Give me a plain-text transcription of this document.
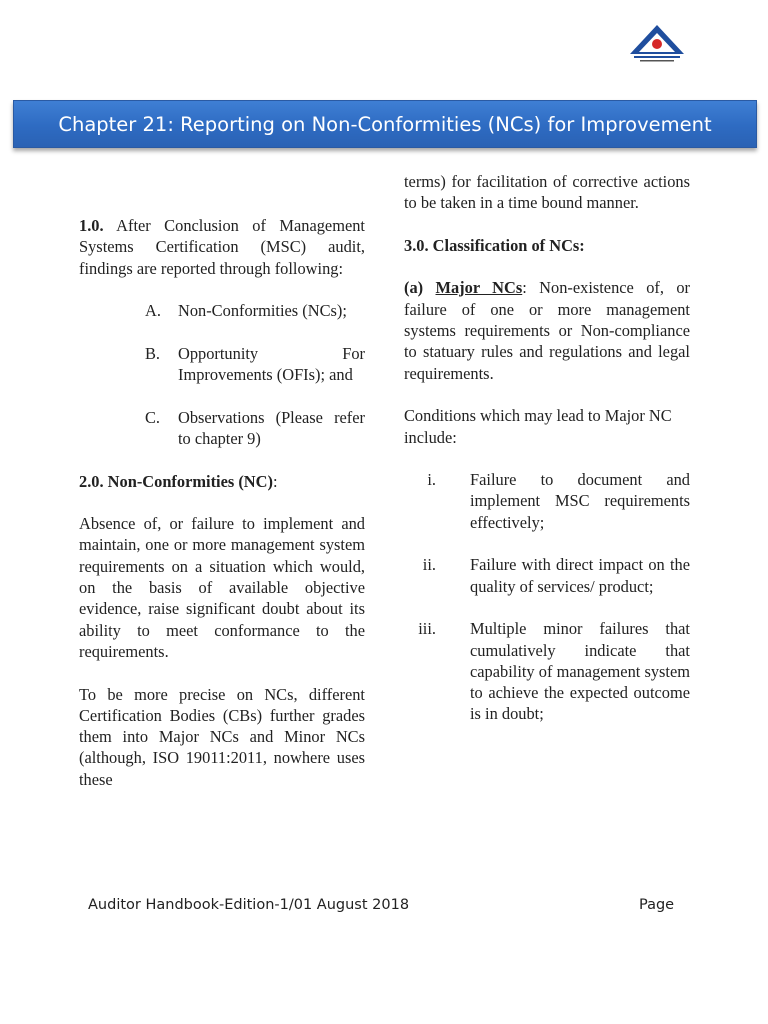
Chapter 21: Reporting on Non-Conformities (NCs) for Improvement

1.0. After Conclusion of Management Systems Certification (MSC) audit, findings are reported through following:

A. Non-Conformities (NCs);
B. Opportunity For Improvements (OFIs); and
C. Observations (Please refer to chapter 9)

2.0. Non-Conformities (NC):

Absence of, or failure to implement and maintain, one or more management system requirements on a situation which would, on the basis of available objective evidence, raise significant doubt about its ability to meet conformance to the requirements.

To be more precise on NCs, different Certification Bodies (CBs) further grades them into Major NCs and Minor NCs (although, ISO 19011:2011, nowhere uses these

terms) for facilitation of corrective actions to be taken in a time bound manner.

3.0. Classification of NCs:

(a) Major NCs: Non-existence of, or failure of one or more management systems requirements or Non-compliance to statuary rules and regulations and legal requirements.

Conditions which may lead to Major NC include:

i. Failure to document and implement MSC requirements effectively;
ii. Failure with direct impact on the quality of services/ product;
iii. Multiple minor failures that cumulatively indicate that capability of management system to achieve the expected outcome is in doubt;
Auditor Handbook-Edition-1/01 August 2018	Page
